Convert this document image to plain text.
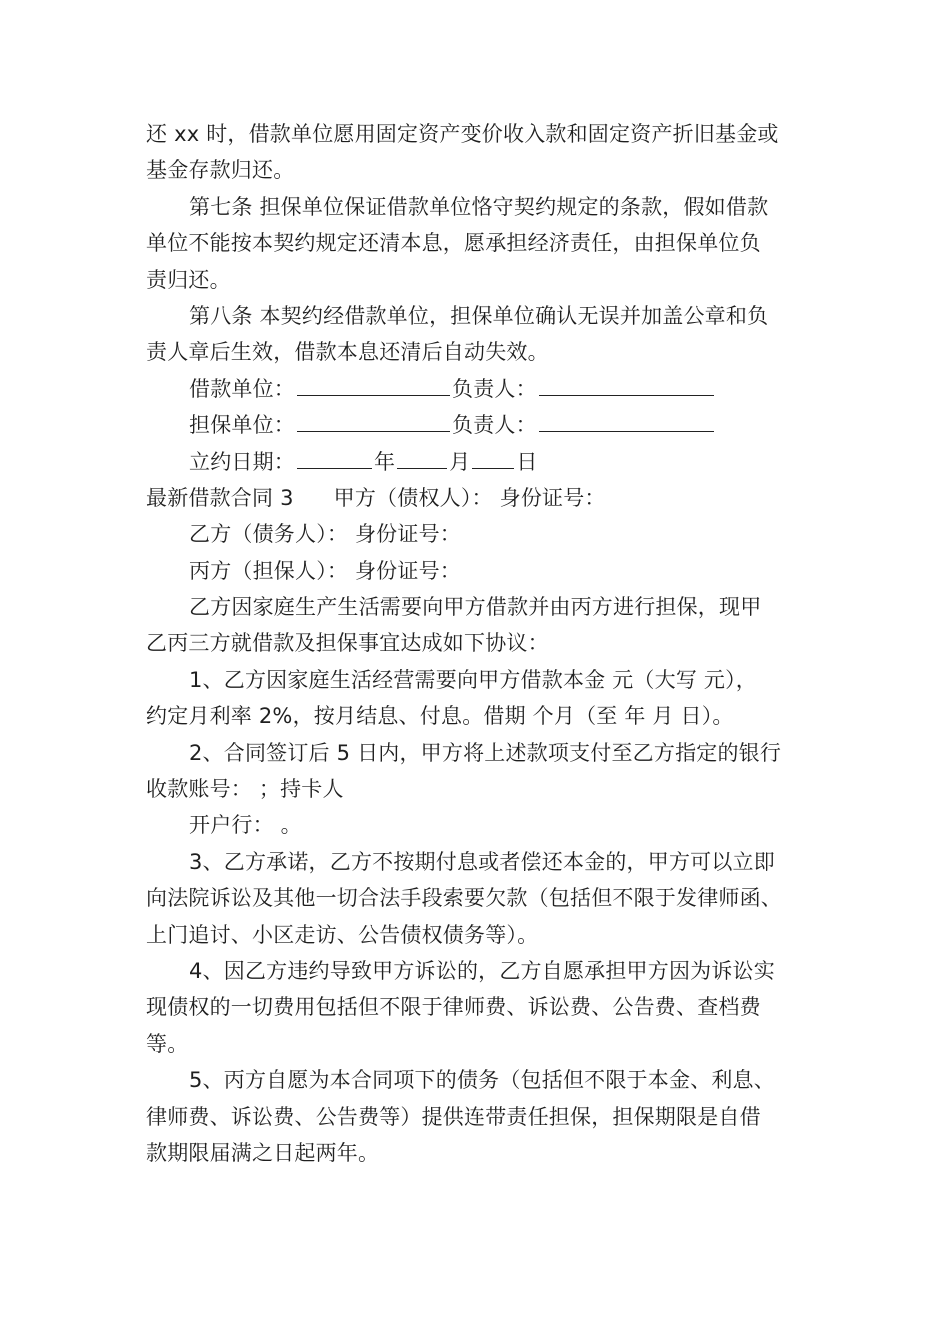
还 xx 时，借款单位愿用固定资产变价收入款和固定资产折旧基金或
基金存款归还。
第七条 担保单位保证借款单位恪守契约规定的条款，假如借款
单位不能按本契约规定还清本息，愿承担经济责任，由担保单位负
责归还。
第八条 本契约经借款单位，担保单位确认无误并加盖公章和负
责人章后生效，借款本息还清后自动失效。
借款单位：	负责人：
担保单位：	负责人：
立约日期：	年	月 日
最新借款合同 3 甲方（债权人）： 身份证号：
乙方（债务人）： 身份证号：
丙方（担保人）： 身份证号：
乙方因家庭生产生活需要向甲方借款并由丙方进行担保，现甲
乙丙三方就借款及担保事宜达成如下协议：
1、乙方因家庭生活经营需要向甲方借款本金 元（大写 元），
约定月利率 2%，按月结息、付息。借期 个月（至 年 月 日）。
2、合同签订后 5 日内，甲方将上述款项支付至乙方指定的银行
收款账号： ；持卡人
开户行： 。
3、乙方承诺，乙方不按期付息或者偿还本金的，甲方可以立即
向法院诉讼及其他一切合法手段索要欠款（包括但不限于发律师函、
上门追讨、小区走访、公告债权债务等）。
4、因乙方违约导致甲方诉讼的，乙方自愿承担甲方因为诉讼实
现债权的一切费用包括但不限于律师费、诉讼费、公告费、查档费
等。
5、丙方自愿为本合同项下的债务（包括但不限于本金、利息、
律师费、诉讼费、公告费等）提供连带责任担保，担保期限是自借
款期限届满之日起两年。
